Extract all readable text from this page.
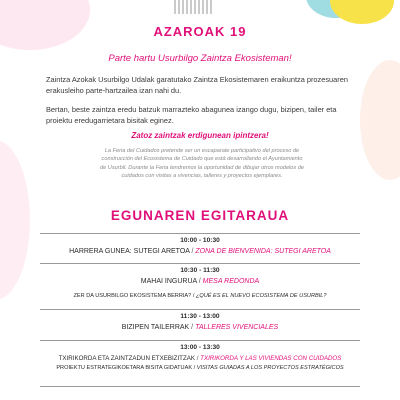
AZAROAK 19
Parte hartu Usurbilgo Zaintza Ekosisteman!
Zaintza Azokak Usurbilgo Udalak garatutako Zaintza Ekosistemaren eraikuntza prozesuaren erakusleiho parte-hartzailea izan nahi du.
Bertan, beste zaintza eredu batzuk marrazteko abagunea izango dugu, bizipen, tailer eta proiektu eredugarrietara bisitak eginez.
Zatoz zaintzak erdigunean ipintzera!
La Feria del Cuidados pretende ser un escaparate participativo del proceso de construcción del Ecosistema de Cuidado que está desarrollando el Ayuntamiento de Usurbil. Durante la Feria tendremos la oportunidad de dibujar otros modelos de cuidados con visitas a vivencias, talleres y proyectos ejemplares.
EGUNAREN EGITARAUA
10:00 - 10:30
HARRERA GUNEA: SUTEGI ARETOA / ZONA DE BIENVENIDA: SUTEGI ARETOA
10:30 - 11:30
MAHAI INGURUA / MESA REDONDA
ZER DA USURBILGO EKOSISTEMA BERRIA? / ¿QUÉ ES EL NUEVO ECOSISTEMA DE USURBIL?
11:30 - 13:00
BIZIPEN TAILERRAK / TALLERES VIVENCIALES
13:00 - 13:30
TXIRIKORDA ETA ZAINTZADUN ETXEBIZITZAK / TXIRIKORDA Y LAS VIVIENDAS CON CUIDADOS
PROIEKTU ESTRATEGIKOETARA BISITA GIDATUAK / VISITAS GUIADAS A LOS PROYECTOS ESTRATÉGICOS
